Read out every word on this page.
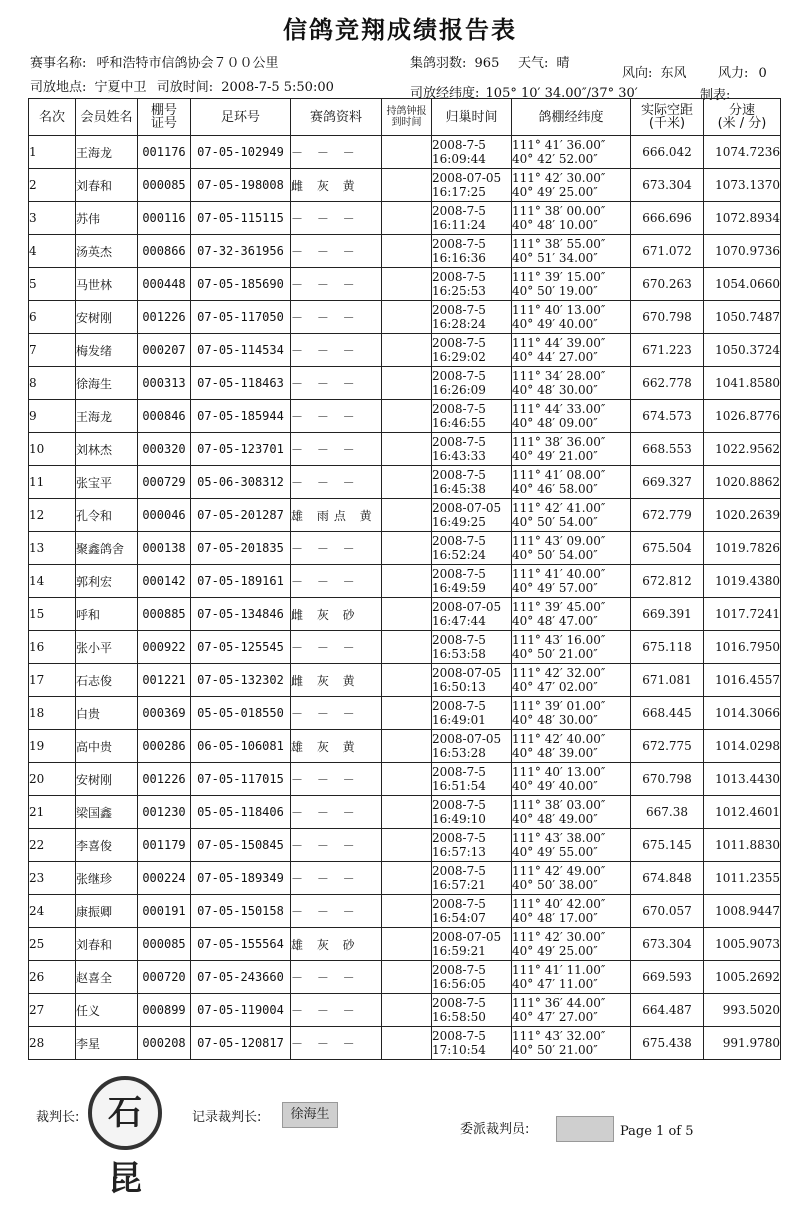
信鸽竞翔成绩报告表
赛事名称: 呼和浩特市信鸽协会７００公里	集鸽羽数: 965 天气: 晴
风向: 东风 风力: 0
司放地点: 宁夏中卫 司放时间: 2008-7-5 5:50:00	司放经纬度: 105° 10′ 34.00″/37° 30′	制表:
名次	会员姓名	棚号
证号	足环号	赛鸽资料	持鸽钟报
到时间	归巢时间	鸽棚经纬度	实际空距
(千米)	分速
(米 / 分)

1	王海龙	001176	07-05-102949	－ － －		2008-7-5
16:09:44	111° 41′ 36.00″
40° 42′ 52.00″	666.042	1074.7236
2	刘春和	000085	07-05-198008	雌 灰 黄		2008-07-05
16:17:25	111° 42′ 30.00″
40° 49′ 25.00″	673.304	1073.1370
3	苏伟	000116	07-05-115115	－ － －		2008-7-5
16:11:24	111° 38′ 00.00″
40° 48′ 10.00″	666.696	1072.8934
4	汤英杰	000866	07-32-361956	－ － －		2008-7-5
16:16:36	111° 38′ 55.00″
40° 51′ 34.00″	671.072	1070.9736
5	马世林	000448	07-05-185690	－ － －		2008-7-5
16:25:53	111° 39′ 15.00″
40° 50′ 19.00″	670.263	1054.0660
6	安树刚	001226	07-05-117050	－ － －		2008-7-5
16:28:24	111° 40′ 13.00″
40° 49′ 40.00″	670.798	1050.7487
7	梅发绪	000207	07-05-114534	－ － －		2008-7-5
16:29:02	111° 44′ 39.00″
40° 44′ 27.00″	671.223	1050.3724
8	徐海生	000313	07-05-118463	－ － －		2008-7-5
16:26:09	111° 34′ 28.00″
40° 48′ 30.00″	662.778	1041.8580
9	王海龙	000846	07-05-185944	－ － －		2008-7-5
16:46:55	111° 44′ 33.00″
40° 48′ 09.00″	674.573	1026.8776
10	刘林杰	000320	07-05-123701	－ － －		2008-7-5
16:43:33	111° 38′ 36.00″
40° 49′ 21.00″	668.553	1022.9562
11	张宝平	000729	05-06-308312	－ － －		2008-7-5
16:45:38	111° 41′ 08.00″
40° 46′ 58.00″	669.327	1020.8862
12	孔令和	000046	07-05-201287	雄 雨点 黄		2008-07-05
16:49:25	111° 42′ 41.00″
40° 50′ 54.00″	672.779	1020.2639
13	聚鑫鸽舍	000138	07-05-201835	－ － －		2008-7-5
16:52:24	111° 43′ 09.00″
40° 50′ 54.00″	675.504	1019.7826
14	郭利宏	000142	07-05-189161	－ － －		2008-7-5
16:49:59	111° 41′ 40.00″
40° 49′ 57.00″	672.812	1019.4380
15	呼和	000885	07-05-134846	雌 灰 砂		2008-07-05
16:47:44	111° 39′ 45.00″
40° 48′ 47.00″	669.391	1017.7241
16	张小平	000922	07-05-125545	－ － －		2008-7-5
16:53:58	111° 43′ 16.00″
40° 50′ 21.00″	675.118	1016.7950
17	石志俊	001221	07-05-132302	雌 灰 黄		2008-07-05
16:50:13	111° 42′ 32.00″
40° 47′ 02.00″	671.081	1016.4557
18	白贵	000369	05-05-018550	－ － －		2008-7-5
16:49:01	111° 39′ 01.00″
40° 48′ 30.00″	668.445	1014.3066
19	高中贵	000286	06-05-106081	雄 灰 黄		2008-07-05
16:53:28	111° 42′ 40.00″
40° 48′ 39.00″	672.775	1014.0298
20	安树刚	001226	07-05-117015	－ － －		2008-7-5
16:51:54	111° 40′ 13.00″
40° 49′ 40.00″	670.798	1013.4430
21	梁国鑫	001230	05-05-118406	－ － －		2008-7-5
16:49:10	111° 38′ 03.00″
40° 48′ 49.00″	667.38	1012.4601
22	李喜俊	001179	07-05-150845	－ － －		2008-7-5
16:57:13	111° 43′ 38.00″
40° 49′ 55.00″	675.145	1011.8830
23	张继珍	000224	07-05-189349	－ － －		2008-7-5
16:57:21	111° 42′ 49.00″
40° 50′ 38.00″	674.848	1011.2355
24	康振卿	000191	07-05-150158	－ － －		2008-7-5
16:54:07	111° 40′ 42.00″
40° 48′ 17.00″	670.057	1008.9447
25	刘春和	000085	07-05-155564	雄 灰 砂		2008-07-05
16:59:21	111° 42′ 30.00″
40° 49′ 25.00″	673.304	1005.9073
26	赵喜全	000720	07-05-243660	－ － －		2008-7-5
16:56:05	111° 41′ 11.00″
40° 47′ 11.00″	669.593	1005.2692
27	任义	000899	07-05-119004	－ － －		2008-7-5
16:58:50	111° 36′ 44.00″
40° 47′ 27.00″	664.487	993.5020
28	李星	000208	07-05-120817	－ － －		2008-7-5
17:10:54	111° 43′ 32.00″
40° 50′ 21.00″	675.438	991.9780
裁判长: 石昆
记录裁判长:	徐海生
委派裁判员:	Page 1 of 5
